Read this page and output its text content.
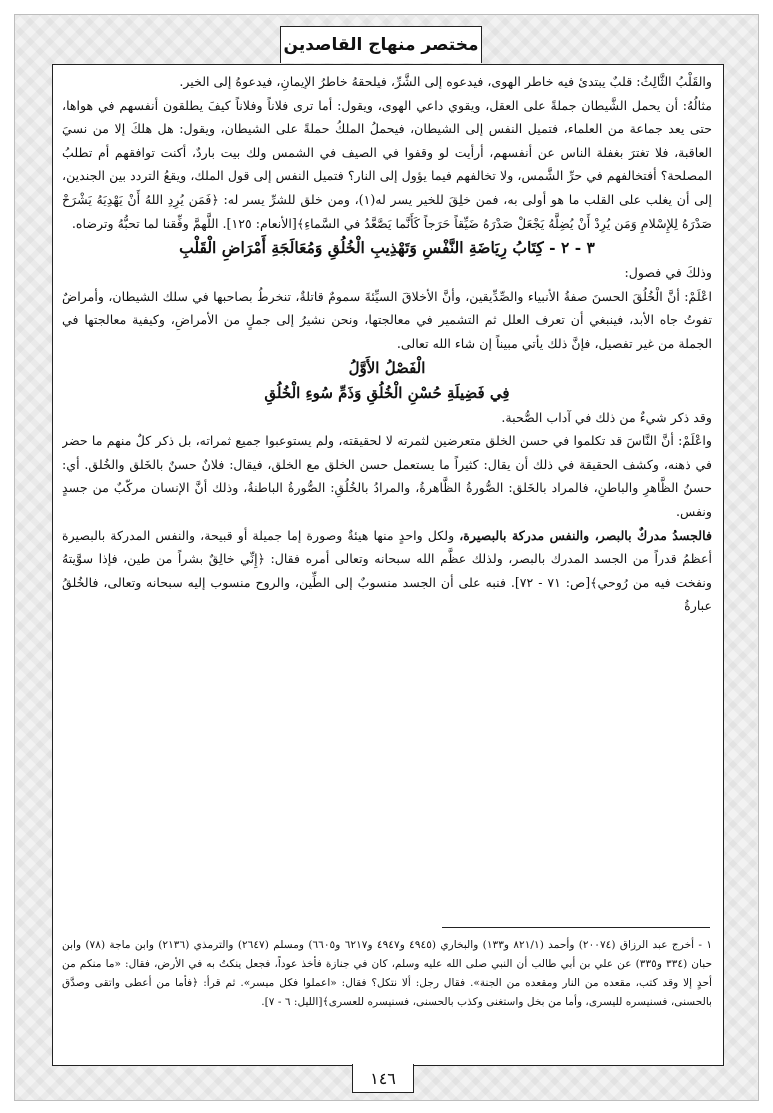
مختصر منهاج القاصدين

والقَلْبُ الثَّالِثُ: قلبٌ يبتدئ فيه خاطر الهوى، فيدعوه إلى الشَّرِّ، فيلحقهُ خاطرُ الإيمانِ، فيدعوهُ إلى الخير.

مثالُهُ: أن يحمل الشَّيطان جملةً على العقل، ويقوي داعي الهوى، ويقول: أما ترى فلاناً وفلاناً كيفَ يطلقون أنفسهم في هواها، حتى يعد جماعة من العلماء، فتميل النفس إلى الشيطان، فيحملُ الملكُ حملةً على الشيطان، ويقول: هل هلكَ إلا من نسيَ العاقبة، فلا تغترَ بغفلة الناس عن أنفسهم، أرأيت لو وقفوا في الصيف في الشمس ولك بيت باردٌ، أكنت توافقهم أم تطلبُ المصلحة؟ أفتخالفهم في حرِّ الشَّمس، ولا تخالفهم فيما يؤول إلى النار؟ فتميل النفس إلى قول الملك، ويقعُ التردد بين الجندين، إلى أن يغلب على القلب ما هو أولى به، فمن خلِقَ للخير يسر له(١)، ومن خلق للشرِّ يسر له: ﴿فَمَن يُرِدِ اللهُ أَنْ يَهْدِيَهُ يَشْرَحْ صَدْرَهُ لِلإِسْلامِ وَمَن يُرِدْ أَنْ يُضِلَّهُ يَجْعَلْ صَدْرَهُ ضَيِّقاً حَرَجاً كَأَنَّما يَصَّعَّدُ في السَّماءِ﴾[الأنعام: ١٢٥]. اللَّهمَّ وفِّقنا لما تحبُّهُ وترضاه.

٣ - ٢ - كِتَابُ رِيَاضَةِ النَّفْسِ وَتَهْذِيبِ الْخُلُقِ وَمُعَالَجَةِ أَمْرَاضِ الْقَلْبِ

وذلكَ في فصول:

اعْلَمْ: أنَّ الْخُلُقَ الحسنَ صفةُ الأنبياء والصِّدِّيقين، وأنَّ الأخلاقَ السيِّئةَ سمومٌ قاتلةٌ، تنخرطُ بصاحبها في سلك الشيطان، وأمراضٌ تفوتُ جاه الأبد، فينبغي أن تعرف العلل ثم التشمير في معالجتها، ونحن نشيرُ إلى جملٍ من الأمراضِ، وكيفية معالجتها في الجملة من غير تفصيل، فإنَّ ذلك يأتي مبيناً إن شاء الله تعالى.

الْفَصْلُ الأَوَّلُ

فِي فَضِيلَةِ حُسْنِ الْخُلُقِ وَذَمِّ سُوءِ الْخُلُقِ

وقد ذكر شيءٌ من ذلك في آداب الصُّحبة.

واعْلَمْ: أنَّ النَّاسَ قد تكلموا في حسن الخلق متعرضين لثمرته لا لحقيقته، ولم يستوعبوا جميع ثمراته، بل ذكر كلٌ منهم ما حضر في ذهنه، وكشف الحقيقة في ذلك أن يقال: كثيراً ما يستعمل حسن الخلق مع الخلق، فيقال: فلانٌ حسنٌ بالخَلق والخُلق. أي: حسنُ الظَّاهرِ والباطنِ، فالمراد بالخَلق: الصُّورةُ الظَّاهرةُ، والمرادُ بالخُلُقِ: الصُّورةُ الباطنةُ، وذلك أنَّ الإنسان مركّبٌ من جسدٍ ونفس.

فالجسدُ مدركٌ بالبصر، والنفس مدركة بالبصيرة، ولكل واحدٍ منها هيئةٌ وصورة إما جميلة أو قبيحة، والنفس المدركة بالبصيرة أعظمُ قدراً من الجسد المدرك بالبصر، ولذلك عظَّم الله سبحانه وتعالى أمره فقال: ﴿إِنِّي خالِقٌ بشراً من طين، فإذا سوَّيتهُ ونفخت فيه من رُوحي﴾[ص: ٧١ - ٧٢]. فنبه على أن الجسد منسوبٌ إلى الطِّين، والروح منسوب إليه سبحانه وتعالى، فالخُلقُ عبارةُ

١ - أخرج عبد الرزاق (٢٠٠٧٤) وأحمد (٨٢١/١ و١٣٣) والبخاري (٤٩٤٥ و٤٩٤٧ و٦٢١٧ و٦٦٠٥) ومسلم (٢٦٤٧) والترمذي (٢١٣٦) وابن ماجة (٧٨) وابن حبان (٣٣٤ و٣٣٥) عن علي بن أبي طالب أن النبي صلى الله عليه وسلم، كان في جنازة فأخذ عوداً، فجعل ينكتُ به في الأرض، فقال: «ما منكم من أحدٍ إلا وقد كتب، مقعده من النار ومقعده من الجنة». فقال رجل: ألا نتكل؟ فقال: «اعملوا فكل ميسر». ثم قرأ: ﴿فأما من أعطى واتقى وصدَّق بالحسنى، فسنيسره لليسرى، وأما من بخل واستغنى وكذب بالحسنى، فسنيسره للعسرى﴾[الليل: ٦ - ٧].

١٤٦
